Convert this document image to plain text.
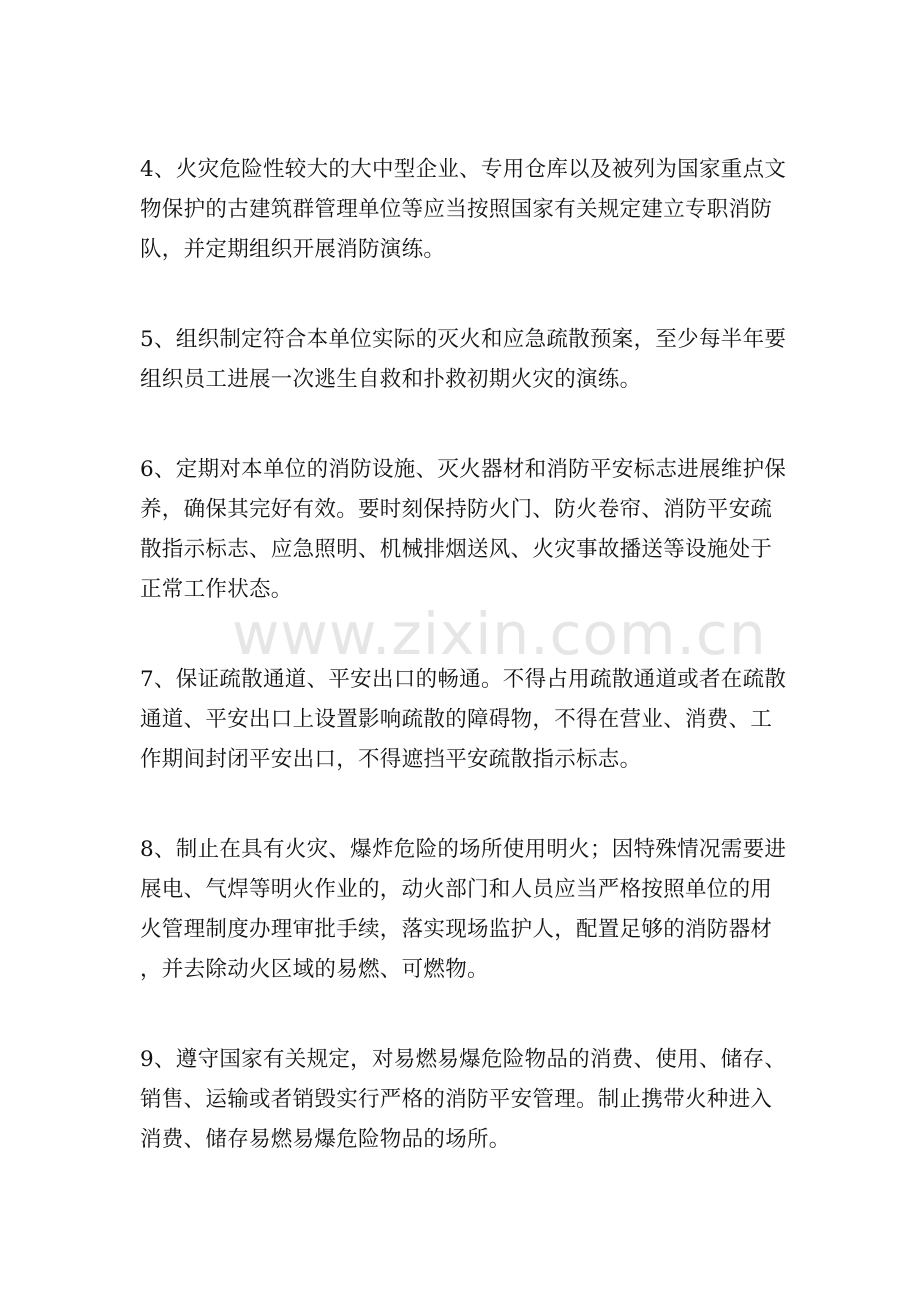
4、火灾危险性较大的大中型企业、专用仓库以及被列为国家重点文
物保护的古建筑群管理单位等应当按照国家有关规定建立专职消防
队，并定期组织开展消防演练。

5、组织制定符合本单位实际的灭火和应急疏散预案，至少每半年要
组织员工进展一次逃生自救和扑救初期火灾的演练。

6、定期对本单位的消防设施、灭火器材和消防平安标志进展维护保
养，确保其完好有效。要时刻保持防火门、防火卷帘、消防平安疏
散指示标志、应急照明、机械排烟送风、火灾事故播送等设施处于
正常工作状态。

7、保证疏散通道、平安出口的畅通。不得占用疏散通道或者在疏散
通道、平安出口上设置影响疏散的障碍物，不得在营业、消费、工
作期间封闭平安出口，不得遮挡平安疏散指示标志。

8、制止在具有火灾、爆炸危险的场所使用明火；因特殊情况需要进
展电、气焊等明火作业的，动火部门和人员应当严格按照单位的用
火管理制度办理审批手续，落实现场监护人，配置足够的消防器材
，并去除动火区域的易燃、可燃物。

9、遵守国家有关规定，对易燃易爆危险物品的消费、使用、储存、
销售、运输或者销毁实行严格的消防平安管理。制止携带火种进入
消费、储存易燃易爆危险物品的场所。

www.zixin.com.cn
